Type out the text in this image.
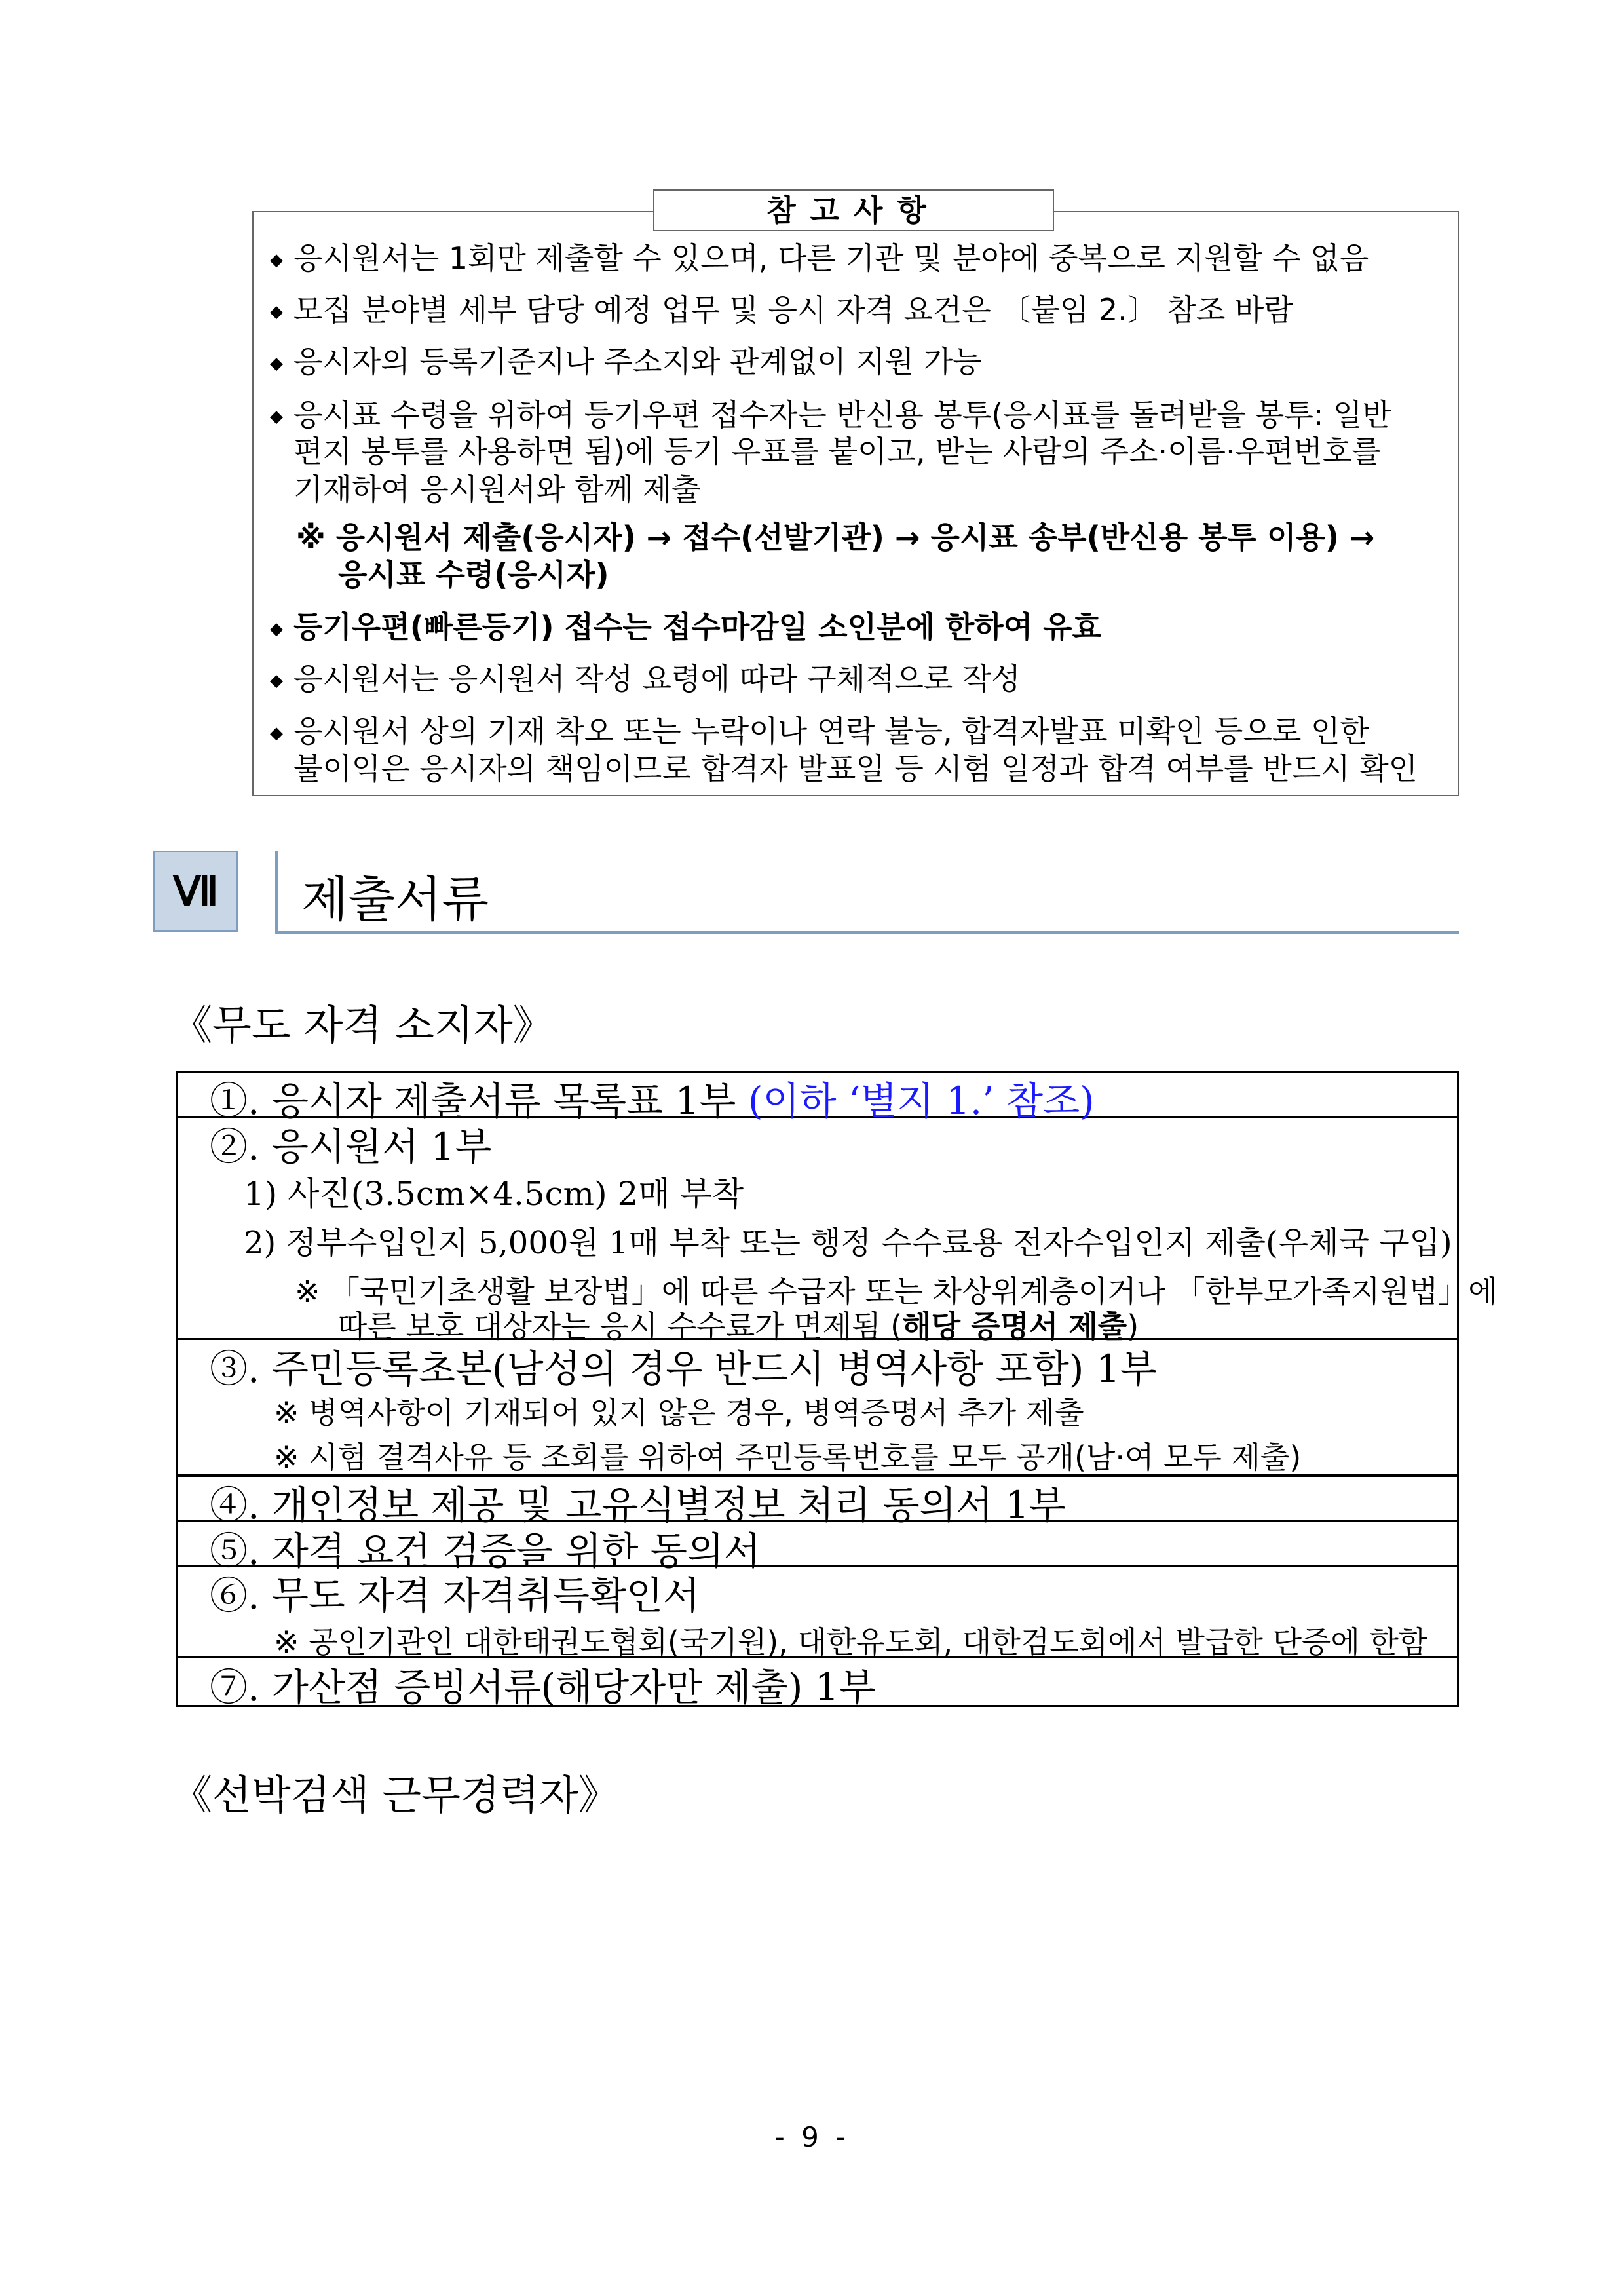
참고사항
◆ 응시원서는 1회만 제출할 수 있으며, 다른 기관 및 분야에 중복으로 지원할 수 없음
◆ 모집 분야별 세부 담당 예정 업무 및 응시 자격 요건은 〔붙임 2.〕 참조 바람
◆ 응시자의 등록기준지나 주소지와 관계없이 지원 가능
◆ 응시표 수령을 위하여 등기우편 접수자는 반신용 봉투(응시표를 돌려받을 봉투: 일반
편지 봉투를 사용하면 됨)에 등기 우표를 붙이고, 받는 사람의 주소·이름·우편번호를
기재하여 응시원서와 함께 제출
※ 응시원서 제출(응시자) → 접수(선발기관) → 응시표 송부(반신용 봉투 이용) →
응시표 수령(응시자)
◆ 등기우편(빠른등기) 접수는 접수마감일 소인분에 한하여 유효
◆ 응시원서는 응시원서 작성 요령에 따라 구체적으로 작성
◆ 응시원서 상의 기재 착오 또는 누락이나 연락 불능, 합격자발표 미확인 등으로 인한
불이익은 응시자의 책임이므로 합격자 발표일 등 시험 일정과 합격 여부를 반드시 확인
Ⅶ	제출서류
《무도 자격 소지자》
①. 응시자 제출서류 목록표 1부 (이하 ‘별지 1.’ 참조)
②. 응시원서 1부
1) 사진(3.5cm×4.5cm) 2매 부착
2) 정부수입인지 5,000원 1매 부착 또는 행정 수수료용 전자수입인지 제출(우체국 구입)
※ 「국민기초생활 보장법」에 따른 수급자 또는 차상위계층이거나 「한부모가족지원법」에
따른 보호 대상자는 응시 수수료가 면제됨 (해당 증명서 제출)
③. 주민등록초본(남성의 경우 반드시 병역사항 포함) 1부
※ 병역사항이 기재되어 있지 않은 경우, 병역증명서 추가 제출
※ 시험 결격사유 등 조회를 위하여 주민등록번호를 모두 공개(남·여 모두 제출)
④. 개인정보 제공 및 고유식별정보 처리 동의서 1부
⑤. 자격 요건 검증을 위한 동의서
⑥. 무도 자격 자격취득확인서
※ 공인기관인 대한태권도협회(국기원), 대한유도회, 대한검도회에서 발급한 단증에 한함
⑦. 가산점 증빙서류(해당자만 제출) 1부
《선박검색 근무경력자》
- 9 -
